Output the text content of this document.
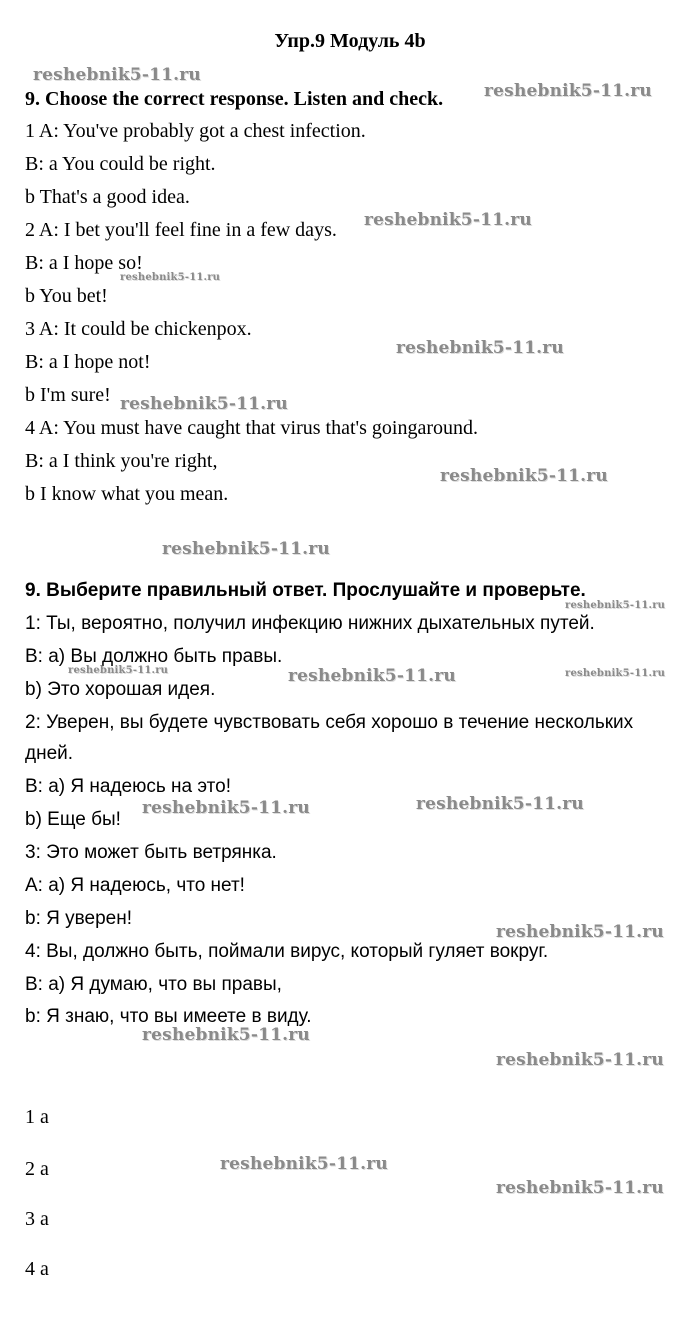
Упр.9 Модуль 4b
9. Choose the correct response. Listen and check.
1 A: You've probably got a chest infection.
B: a You could be right.
b That's a good idea.
2 A: I bet you'll feel fine in a few days.
B: a I hope so!
b You bet!
3 A: It could be chickenpox.
B: a I hope not!
b I'm sure!
4 A: You must have caught that virus that's goingaround.
B: a I think you're right,
b I know what you mean.
9. Выберите правильный ответ. Прослушайте и проверьте.
1: Ты, вероятно, получил инфекцию нижних дыхательных путей.
B: а) Вы должно быть правы.
b) Это хорошая идея.
2: Уверен, вы будете чувствовать себя хорошо в течение нескольких
дней.
B: а) Я надеюсь на это!
b) Еще бы!
3: Это может быть ветрянка.
A: а) Я надеюсь, что нет!
b: Я уверен!
4: Вы, должно быть, поймали вирус, который гуляет вокруг.
B: а) Я думаю, что вы правы,
b: Я знаю, что вы имеете в виду.
1 a
2 a
3 a
4 a
reshebnik5-11.ru
reshebnik5-11.ru
reshebnik5-11.ru
reshebnik5-11.ru
reshebnik5-11.ru
reshebnik5-11.ru
reshebnik5-11.ru
reshebnik5-11.ru
reshebnik5-11.ru
reshebnik5-11.ru	reshebnik5-11.ru	reshebnik5-11.ru
reshebnik5-11.ru	reshebnik5-11.ru
reshebnik5-11.ru
reshebnik5-11.ru
reshebnik5-11.ru
reshebnik5-11.ru
reshebnik5-11.ru
